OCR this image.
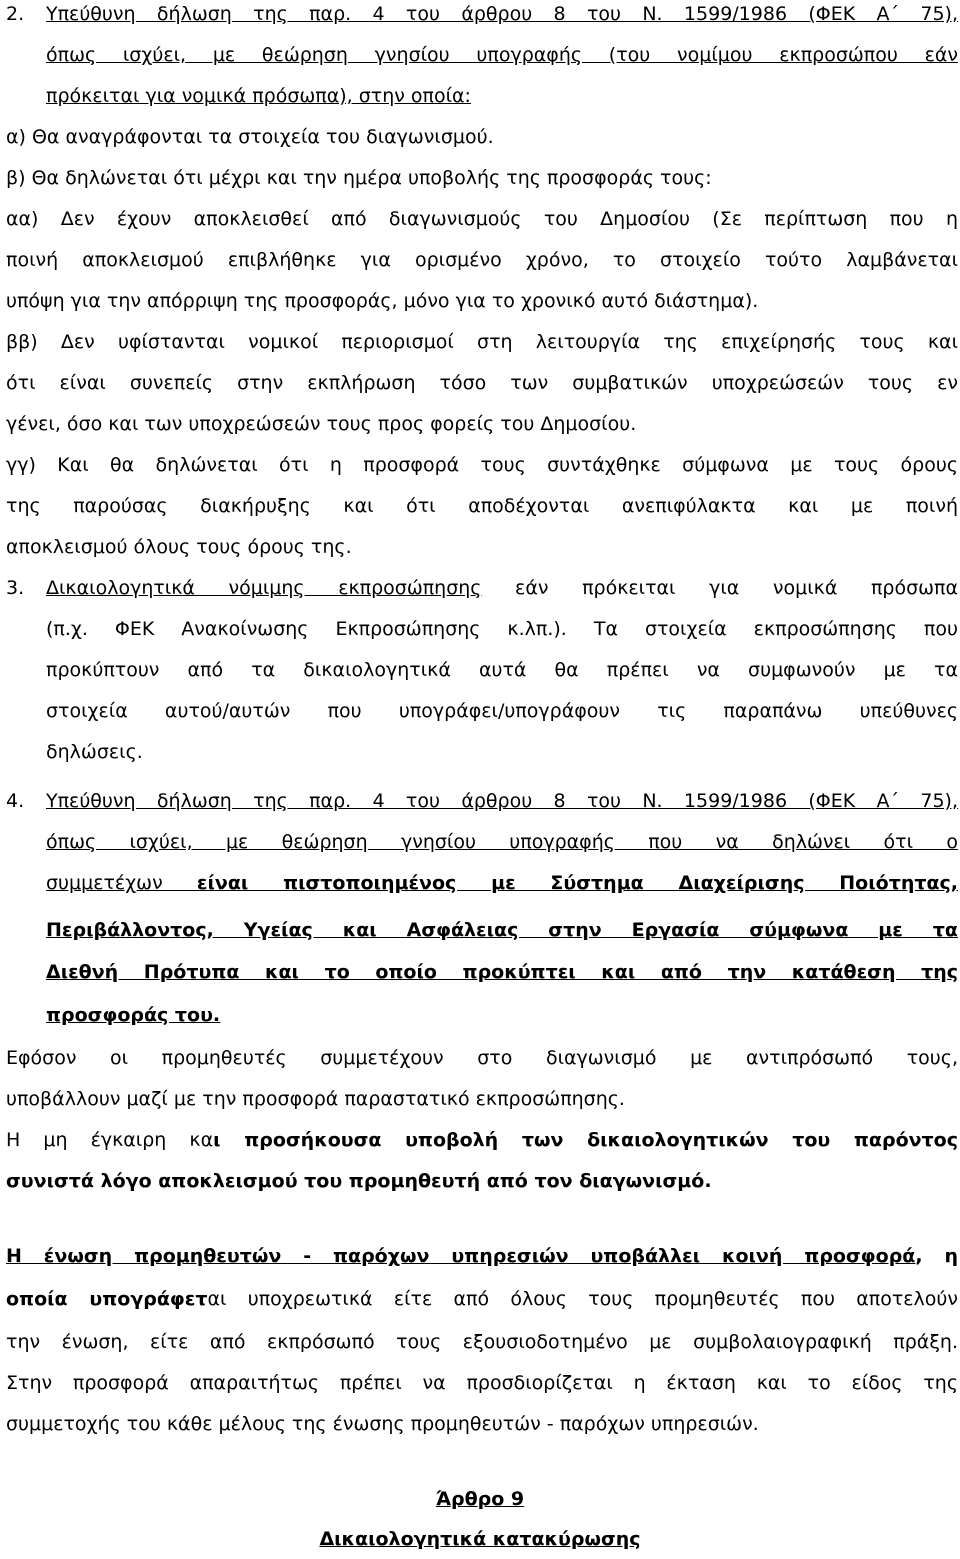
2.	Υπεύθυνη δήλωση της παρ. 4 του άρθρου 8 του Ν. 1599/1986 (ΦΕΚ Α΄ 75),
όπως ισχύει, με θεώρηση γνησίου υπογραφής (του νομίμου εκπροσώπου εάν
πρόκειται για νομικά πρόσωπα), στην οποία:
α) Θα αναγράφονται τα στοιχεία του διαγωνισμού.
β) Θα δηλώνεται ότι μέχρι και την ημέρα υποβολής της προσφοράς τους:
αα) Δεν έχουν αποκλεισθεί από διαγωνισμούς του Δημοσίου (Σε περίπτωση που η
ποινή αποκλεισμού επιβλήθηκε για ορισμένο χρόνο, το στοιχείο τούτο λαμβάνεται
υπόψη για την απόρριψη της προσφοράς, μόνο για το χρονικό αυτό διάστημα).
ββ) Δεν υφίστανται νομικοί περιορισμοί στη λειτουργία της επιχείρησής τους και
ότι είναι συνεπείς στην εκπλήρωση τόσο των συμβατικών υποχρεώσεών τους εν
γένει, όσο και των υποχρεώσεών τους προς φορείς του Δημοσίου.
γγ) Και θα δηλώνεται ότι η προσφορά τους συντάχθηκε σύμφωνα με τους όρους
της παρούσας διακήρυξης και ότι αποδέχονται ανεπιφύλακτα και με ποινή
αποκλεισμού όλους τους όρους της.
3.	Δικαιολογητικά νόμιμης εκπροσώπησης εάν πρόκειται για νομικά πρόσωπα
(π.χ. ΦΕΚ Ανακοίνωσης Εκπροσώπησης κ.λπ.). Τα στοιχεία εκπροσώπησης που
προκύπτουν από τα δικαιολογητικά αυτά θα πρέπει να συμφωνούν με τα
στοιχεία αυτού/αυτών που υπογράφει/υπογράφουν τις παραπάνω υπεύθυνες
δηλώσεις.
4.	Υπεύθυνη δήλωση της παρ. 4 του άρθρου 8 του Ν. 1599/1986 (ΦΕΚ Α΄ 75),
όπως ισχύει, με θεώρηση γνησίου υπογραφής που να δηλώνει ότι ο
συμμετέχων είναι πιστοποιημένος με Σύστημα Διαχείρισης Ποιότητας,
Περιβάλλοντος, Υγείας και Ασφάλειας στην Εργασία σύμφωνα με τα
Διεθνή Πρότυπα και το οποίο προκύπτει και από την κατάθεση της
προσφοράς του.
Εφόσον οι προμηθευτές συμμετέχουν στο διαγωνισμό με αντιπρόσωπό τους,
υποβάλλουν μαζί με την προσφορά παραστατικό εκπροσώπησης.
Η μη έγκαιρη και προσήκουσα υποβολή των δικαιολογητικών του παρόντος
συνιστά λόγο αποκλεισμού του προμηθευτή από τον διαγωνισμό.
Η ένωση προμηθευτών - παρόχων υπηρεσιών υποβάλλει κοινή προσφορά, η
οποία υπογράφεται υποχρεωτικά είτε από όλους τους προμηθευτές που αποτελούν
την ένωση, είτε από εκπρόσωπό τους εξουσιοδοτημένο με συμβολαιογραφική πράξη.
Στην προσφορά απαραιτήτως πρέπει να προσδιορίζεται η έκταση και το είδος της
συμμετοχής του κάθε μέλους της ένωσης προμηθευτών - παρόχων υπηρεσιών.
Άρθρο 9
Δικαιολογητικά κατακύρωσης
